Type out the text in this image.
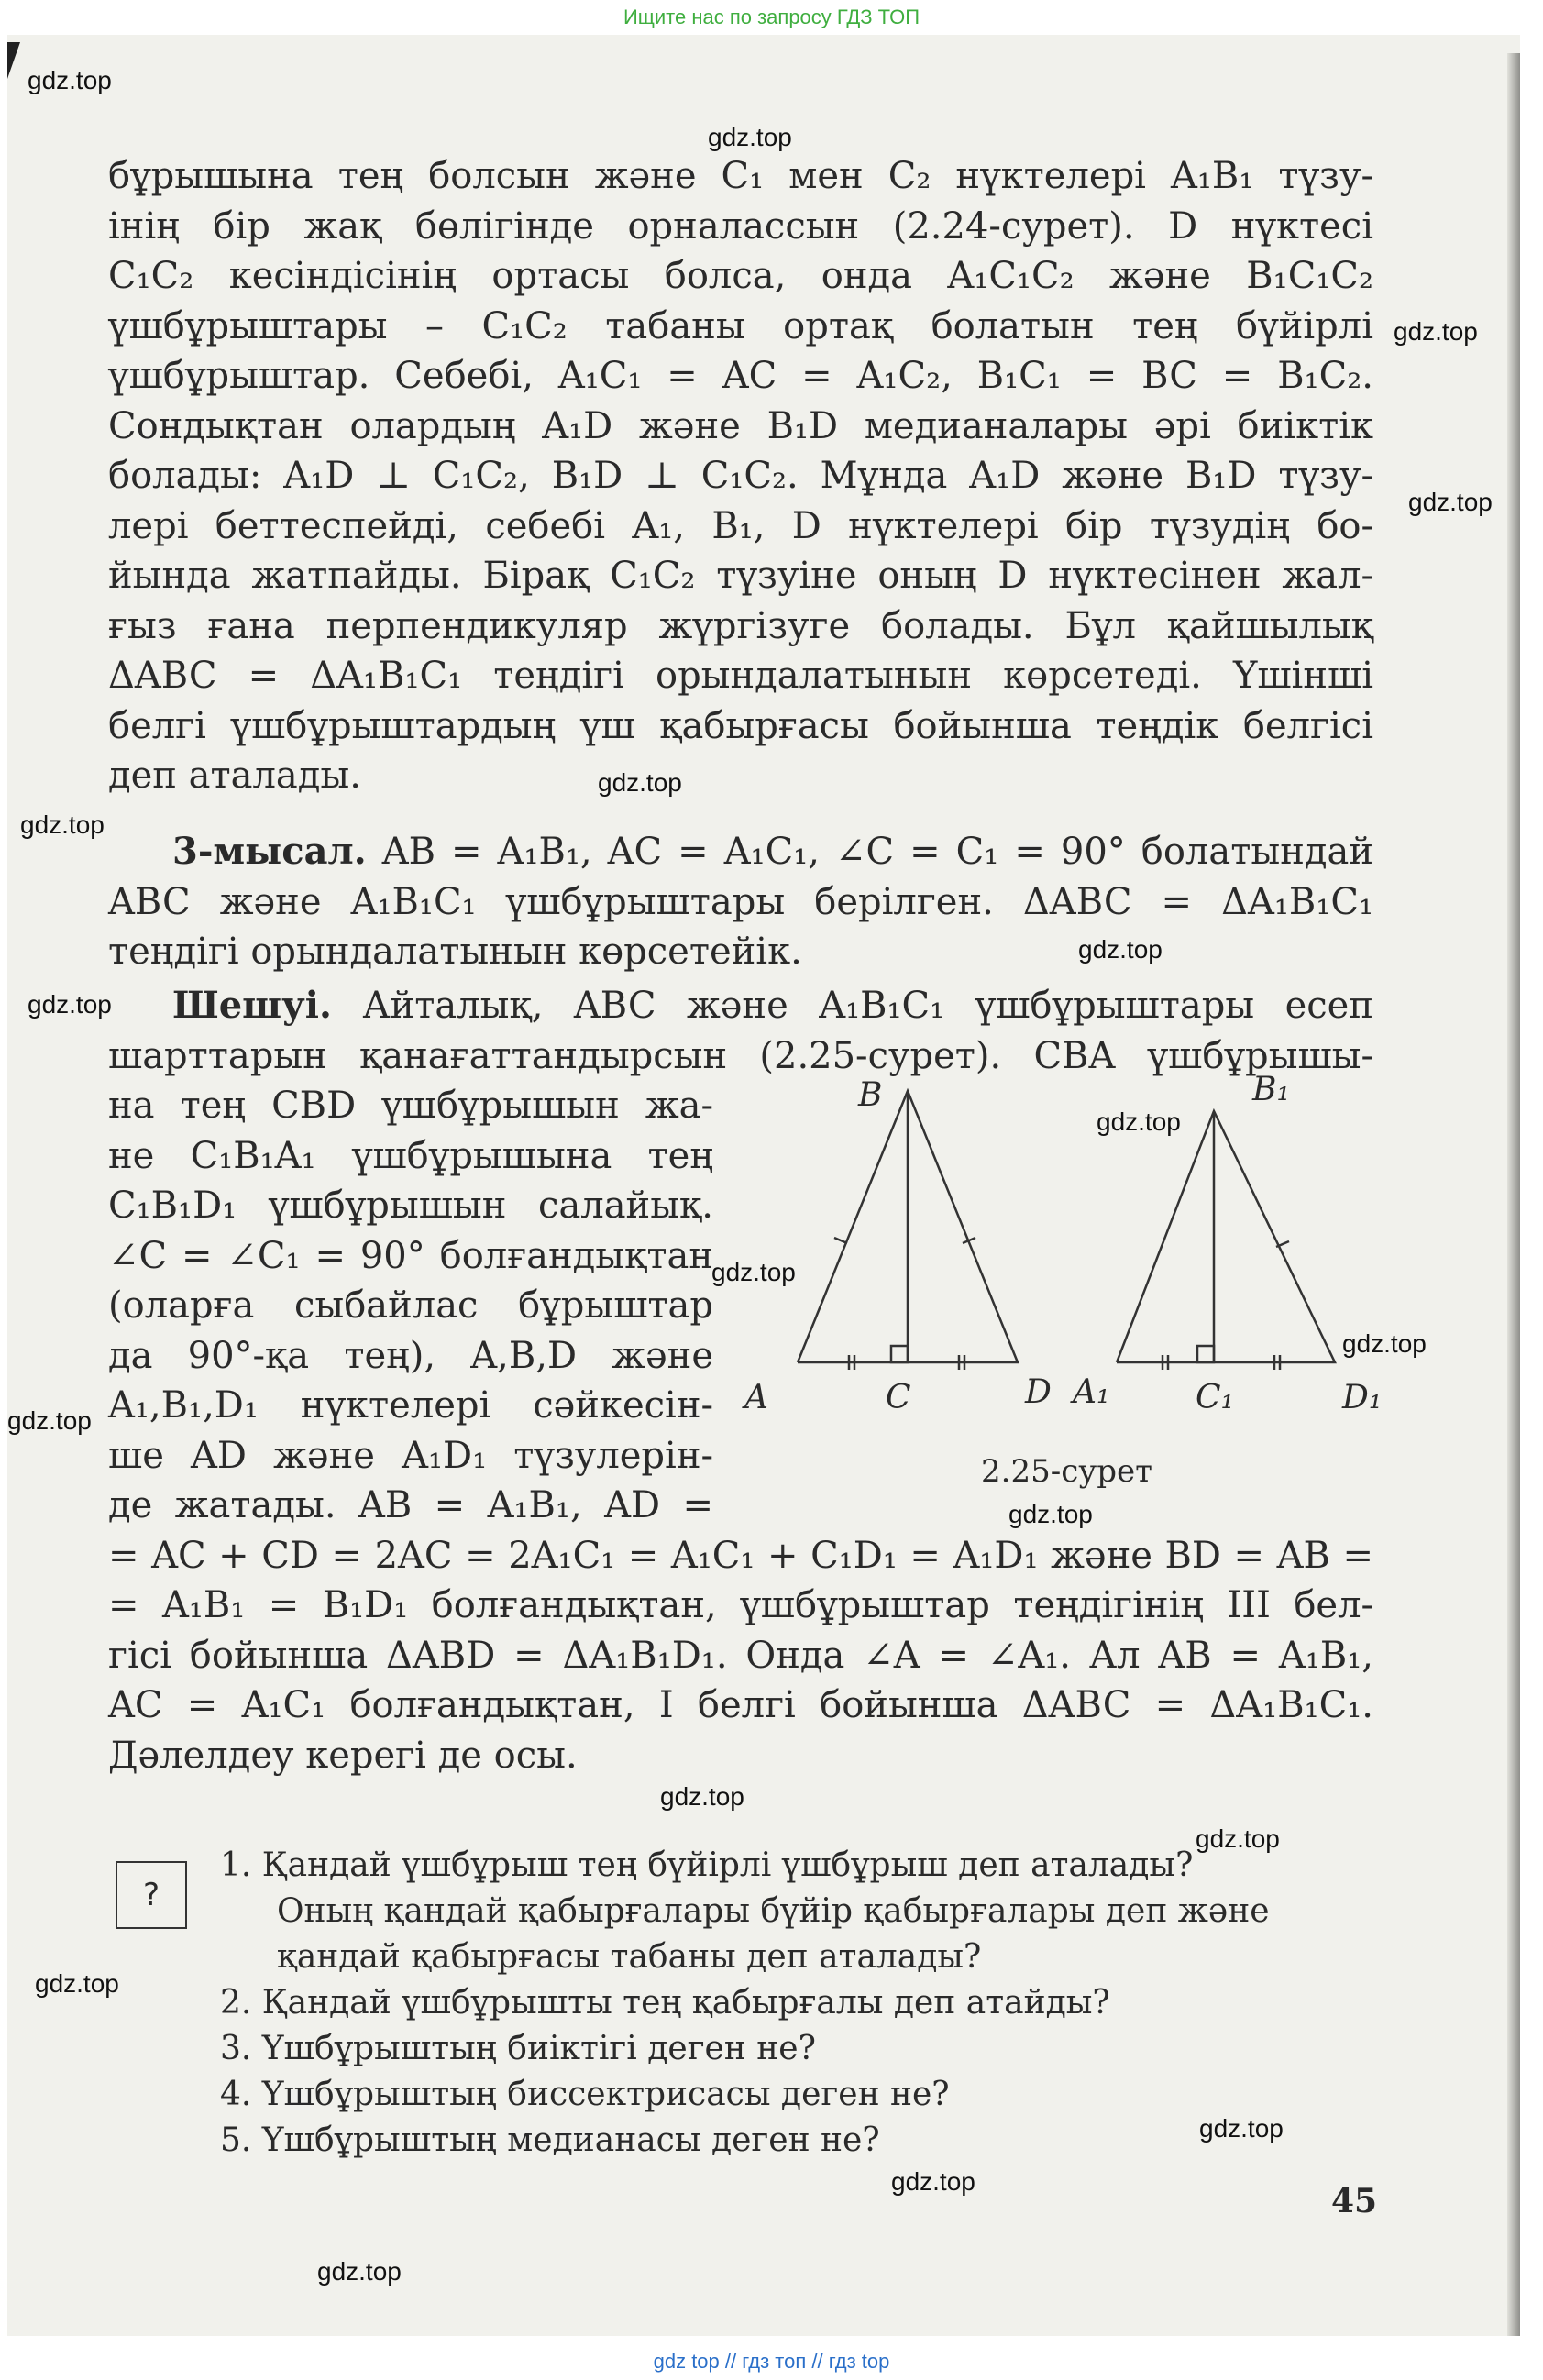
Ищите нас по запросу ГДЗ ТОП
gdz.top
gdz.top
gdz.top
gdz.top
gdz.top
gdz.top
gdz.top
gdz.top
gdz.top
gdz.top
gdz.top
gdz.top
gdz.top
gdz.top
gdz.top
gdz.top
gdz.top
gdz.top
gdz.top
бұрышына тең болсын және C₁ мен C₂ нүктелері A₁B₁ түзу-
інің бір жақ бөлігінде орналассын (2.24-сурет). D нүктесі
C₁C₂ кесіндісінің ортасы болса, онда A₁C₁C₂ және B₁C₁C₂
үшбұрыштары – C₁C₂ табаны ортақ болатын тең бүйірлі
үшбұрыштар. Себебі, A₁C₁ = AC = A₁C₂, B₁C₁ = BC = B₁C₂.
Сондықтан олардың A₁D және B₁D медианалары әрі биіктік
болады: A₁D ⊥ C₁C₂, B₁D ⊥ C₁C₂. Мұнда A₁D және B₁D түзу-
лері беттеспейді, себебі A₁, B₁, D нүктелері бір түзудің бо-
йында жатпайды. Бірақ C₁C₂ түзуіне оның D нүктесінен жал-
ғыз ғана перпендикуляр жүргізуге болады. Бұл қайшылық
ΔABC = ΔA₁B₁C₁ теңдігі орындалатынын көрсетеді. Үшінші
белгі үшбұрыштардың үш қабырғасы бойынша теңдік белгісі
деп аталады.
3-мысал. AB = A₁B₁, AC = A₁C₁, ∠C = C₁ = 90° болатындай
ABC және A₁B₁C₁ үшбұрыштары берілген. ΔABC = ΔA₁B₁C₁
теңдігі орындалатынын көрсетейік.
Шешуі. Айталық, ABC және A₁B₁C₁ үшбұрыштары есеп
шарттарын қанағаттандырсын (2.25-сурет). CBA үшбұрышы-
на тең CBD үшбұрышын жа-
не C₁B₁A₁ үшбұрышына тең
C₁B₁D₁ үшбұрышын салайық.
∠C = ∠C₁ = 90° болғандықтан
(оларға сыбайлас бұрыштар
да 90°-қа тең), A,B,D және
A₁,B₁,D₁ нүктелері сәйкесін-
ше AD және A₁D₁ түзулерін-
де жатады. AB = A₁B₁, AD =
= AC + CD = 2AC = 2A₁C₁ = A₁C₁ + C₁D₁ = A₁D₁ және BD = AB =
= A₁B₁ = B₁D₁ болғандықтан, үшбұрыштар теңдігінің III бел-
гісі бойынша ΔABD = ΔA₁B₁D₁. Онда ∠A = ∠A₁. Ал AB = A₁B₁,
AC = A₁C₁ болғандықтан, I белгі бойынша ΔABC = ΔA₁B₁C₁.
Дәлелдеу керегі де осы.
A
B
C	D A₁
B₁
C₁	D₁
2.25-сурет
?
1. Қандай үшбұрыш тең бүйірлі үшбұрыш деп аталады?
Оның қандай қабырғалары бүйір қабырғалары деп және
қандай қабырғасы табаны деп аталады?
2. Қандай үшбұрышты тең қабырғалы деп атайды?
3. Үшбұрыштың биіктігі деген не?
4. Үшбұрыштың биссектрисасы деген не?
5. Үшбұрыштың медианасы деген не?
45
gdz top // гдз топ // гдз top
